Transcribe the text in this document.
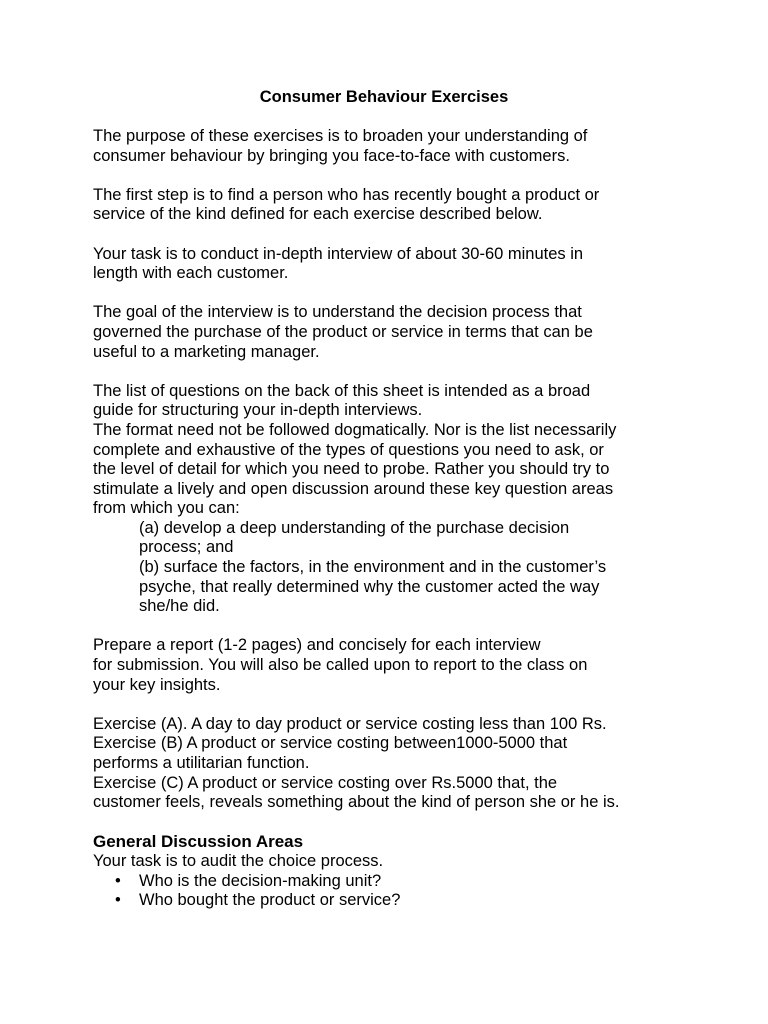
Consumer Behaviour Exercises
The purpose of these exercises is to broaden your understanding of
consumer behaviour by bringing you face-to-face with customers.
The first step is to find a person who has recently bought a product or
service of the kind defined for each exercise described below.
Your task is to conduct in-depth interview of about 30-60 minutes in
length with each customer.
The goal of the interview is to understand the decision process that
governed the purchase of the product or service in terms that can be
useful to a marketing manager.
The list of questions on the back of this sheet is intended as a broad
guide for structuring your in-depth interviews.
The format need not be followed dogmatically. Nor is the list necessarily
complete and exhaustive of the types of questions you need to ask, or
the level of detail for which you need to probe. Rather you should try to
stimulate a lively and open discussion around these key question areas
from which you can:
(a) develop a deep understanding of the purchase decision
process; and
(b) surface the factors, in the environment and in the customer’s
psyche, that really determined why the customer acted the way
she/he did.
Prepare a report (1-2 pages) and concisely for each interview
for submission. You will also be called upon to report to the class on
your key insights.
Exercise (A). A day to day product or service costing less than 100 Rs.
Exercise (B) A product or service costing between1000-5000 that
performs a utilitarian function.
Exercise (C) A product or service costing over Rs.5000 that, the
customer feels, reveals something about the kind of person she or he is.
General Discussion Areas
Your task is to audit the choice process.
• Who is the decision-making unit?
• Who bought the product or service?
